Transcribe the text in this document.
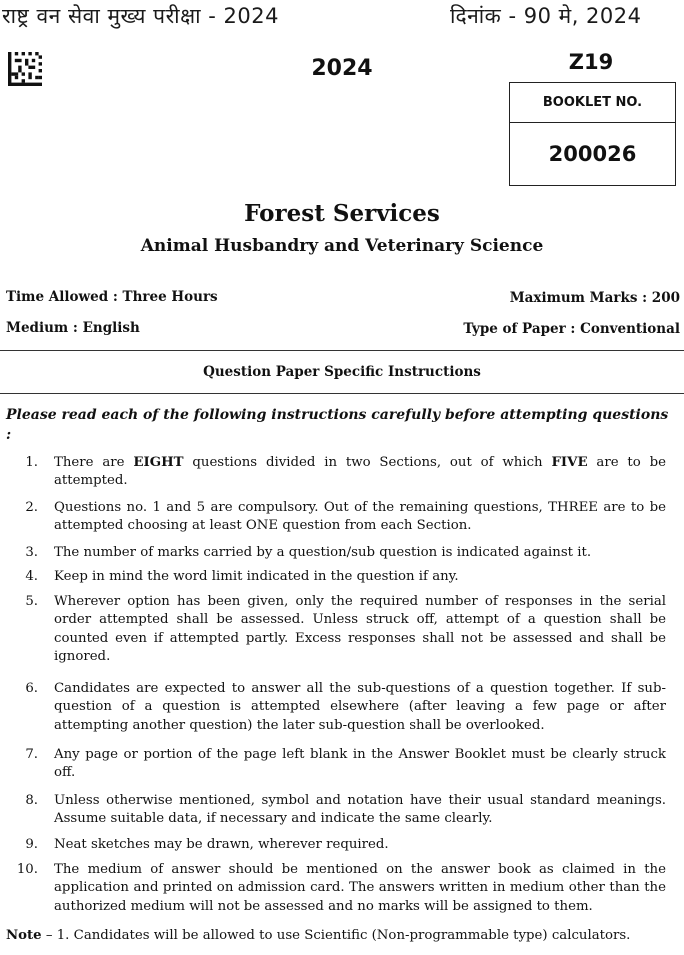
राष्ट्र वन सेवा मुख्य परीक्षा - 2024	दिनांक - 90 मे, 2024
2024	Z19
BOOKLET NO.
200026
Forest Services
Animal Husbandry and Veterinary Science
Time Allowed : Three Hours	Maximum Marks : 200
Medium : English	Type of Paper : Conventional
Question Paper Specific Instructions
Please read each of the following instructions carefully before attempting questions :
1. There are EIGHT questions divided in two Sections, out of which FIVE are to be attempted.
2. Questions no. 1 and 5 are compulsory. Out of the remaining questions, THREE are to be attempted choosing at least ONE question from each Section.
3. The number of marks carried by a question/sub question is indicated against it.
4. Keep in mind the word limit indicated in the question if any.
5. Wherever option has been given, only the required number of responses in the serial order attempted shall be assessed. Unless struck off, attempt of a question shall be counted even if attempted partly. Excess responses shall not be assessed and shall be ignored.
6. Candidates are expected to answer all the sub-questions of a question together. If sub-question of a question is attempted elsewhere (after leaving a few page or after attempting another question) the later sub-question shall be overlooked.
7. Any page or portion of the page left blank in the Answer Booklet must be clearly struck off.
8. Unless otherwise mentioned, symbol and notation have their usual standard meanings. Assume suitable data, if necessary and indicate the same clearly.
9. Neat sketches may be drawn, wherever required.
10. The medium of answer should be mentioned on the answer book as claimed in the application and printed on admission card. The answers written in medium other than the authorized medium will not be assessed and no marks will be assigned to them.
Note – 1. Candidates will be allowed to use Scientific (Non-programmable type) calculators.
